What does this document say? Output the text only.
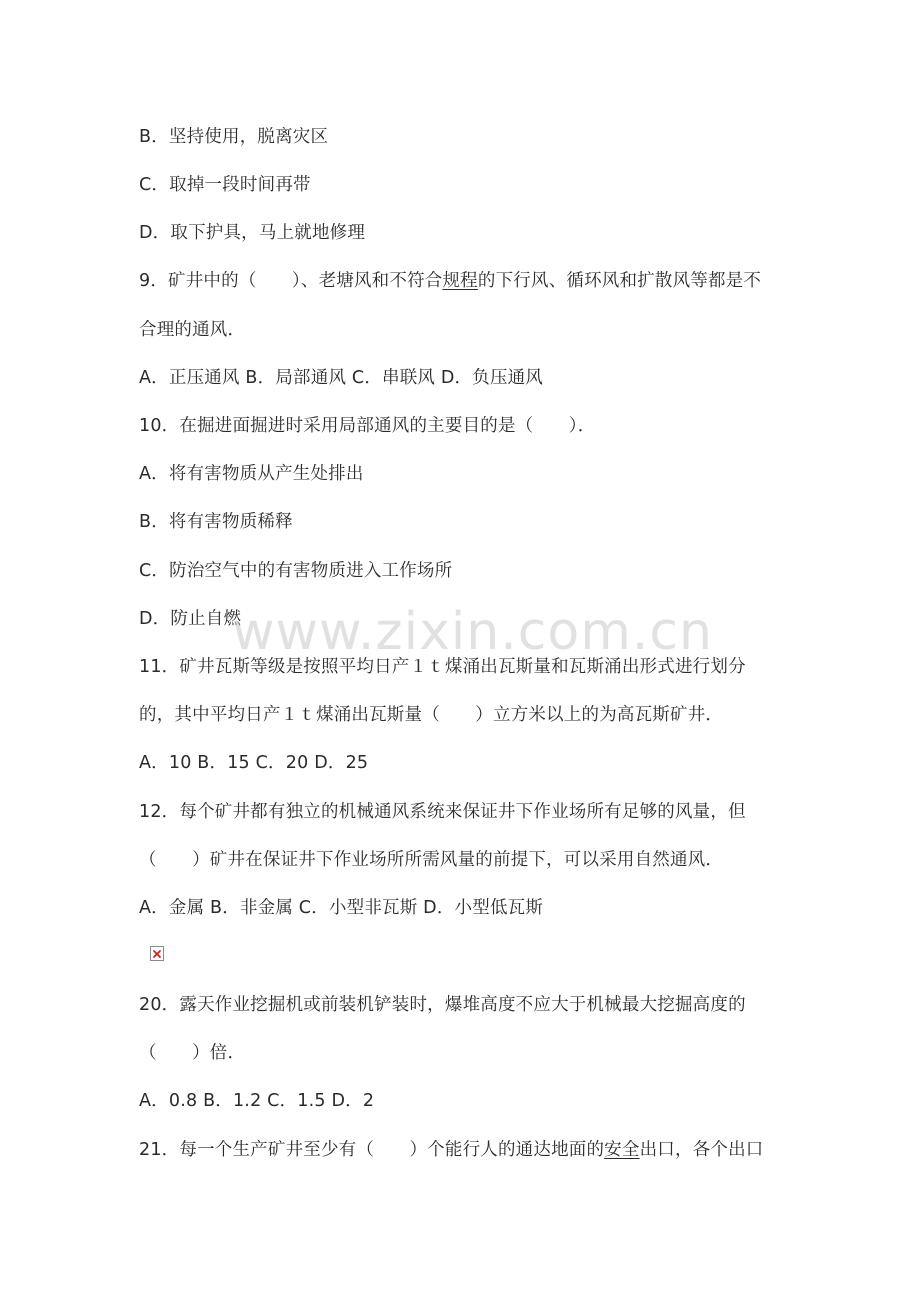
B．坚持使用，脱离灾区
C．取掉一段时间再带
D．取下护具，马上就地修理
9．矿井中的（　　）、老塘风和不符合规程的下行风、循环风和扩散风等都是不
合理的通风．
A．正压通风 B．局部通风 C．串联风 D．负压通风
10．在掘进面掘进时采用局部通风的主要目的是（　　）．
A．将有害物质从产生处排出
B．将有害物质稀释
C．防治空气中的有害物质进入工作场所
D．防止自燃
11．矿井瓦斯等级是按照平均日产１ｔ煤涌出瓦斯量和瓦斯涌出形式进行划分
的，其中平均日产１ｔ煤涌出瓦斯量（　　）立方米以上的为高瓦斯矿井．
A．10 B．15 C．20 D．25
12．每个矿井都有独立的机械通风系统来保证井下作业场所有足够的风量，但
（　　）矿井在保证井下作业场所所需风量的前提下，可以采用自然通风．
A．金属 B．非金属 C．小型非瓦斯 D．小型低瓦斯
20．露天作业挖掘机或前装机铲装时，爆堆高度不应大于机械最大挖掘高度的
（　　）倍．
A．0.8 B．1.2 C．1.5 D．2
21．每一个生产矿井至少有（　　）个能行人的通达地面的安全出口，各个出口
www.zixin.com.cn
